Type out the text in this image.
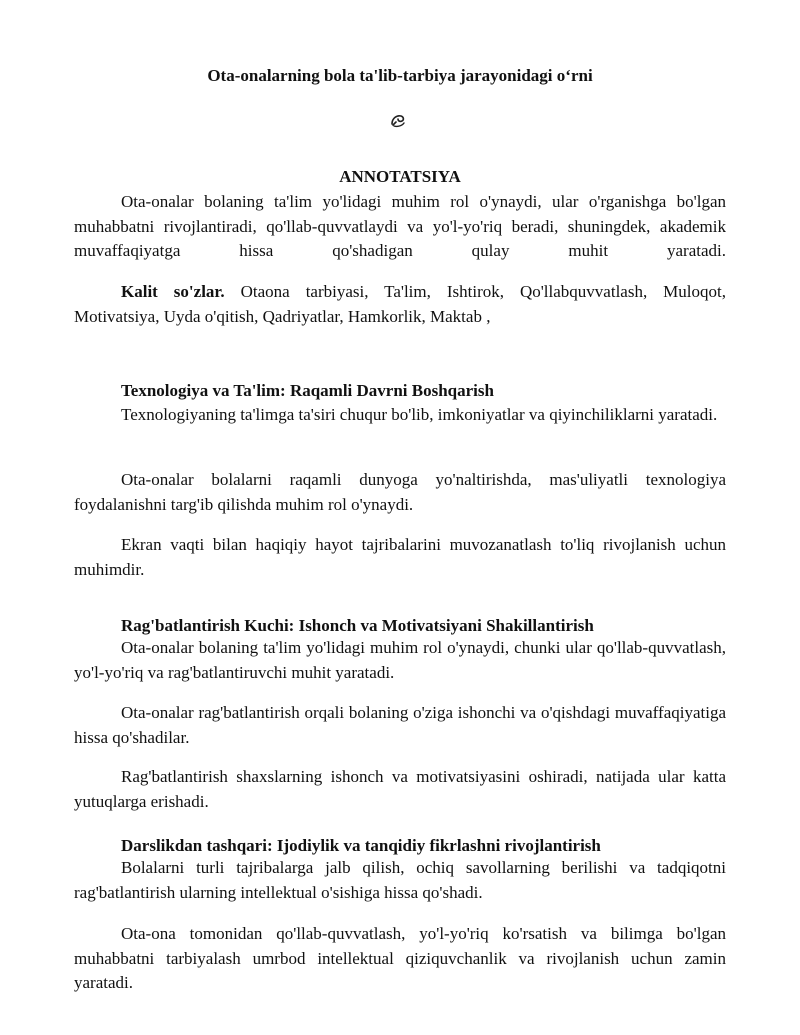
Ota-onalarning bola ta'lib-tarbiya jarayonidagi o‘rni
ANNOTATSIYA

Ota-onalar bolaning ta'lim yo'lidagi muhim rol o'ynaydi, ular o'rganishga bo'lgan muhabbatni rivojlantiradi, qo'llab-quvvatlaydi va yo'l-yo'riq beradi, shuningdek, akademik muvaffaqiyatga hissa qo'shadigan qulay muhit yaratadi.

Kalit so'zlar. Otaona tarbiyasi, Ta'lim, Ishtirok, Qo'llabquvvatlash, Muloqot, Motivatsiya, Uyda o'qitish, Qadriyatlar, Hamkorlik, Maktab ,

Texnologiya va Ta'lim: Raqamli Davrni Boshqarish

Texnologiyaning ta'limga ta'siri chuqur bo'lib, imkoniyatlar va qiyinchiliklarni yaratadi.

Ota-onalar bolalarni raqamli dunyoga yo'naltirishda, mas'uliyatli texnologiya foydalanishni targ'ib qilishda muhim rol o'ynaydi.

Ekran vaqti bilan haqiqiy hayot tajribalarini muvozanatlash to'liq rivojlanish uchun muhimdir.

Rag'batlantirish Kuchi: Ishonch va Motivatsiyani Shakillantirish

Ota-onalar bolaning ta'lim yo'lidagi muhim rol o'ynaydi, chunki ular qo'llab-quvvatlash, yo'l-yo'riq va rag'batlantiruvchi muhit yaratadi.

Ota-onalar rag'batlantirish orqali bolaning o'ziga ishonchi va o'qishdagi muvaffaqiyatiga hissa qo'shadilar.

Rag'batlantirish shaxslarning ishonch va motivatsiyasini oshiradi, natijada ular katta yutuqlarga erishadi.

Darslikdan tashqari: Ijodiylik va tanqidiy fikrlashni rivojlantirish

Bolalarni turli tajribalarga jalb qilish, ochiq savollarning berilishi va tadqiqotni rag'batlantirish ularning intellektual o'sishiga hissa qo'shadi.

Ota-ona tomonidan qo'llab-quvvatlash, yo'l-yo'riq ko'rsatish va bilimga bo'lgan muhabbatni tarbiyalash umrbod intellektual qiziquvchanlik va rivojlanish uchun zamin yaratadi.
